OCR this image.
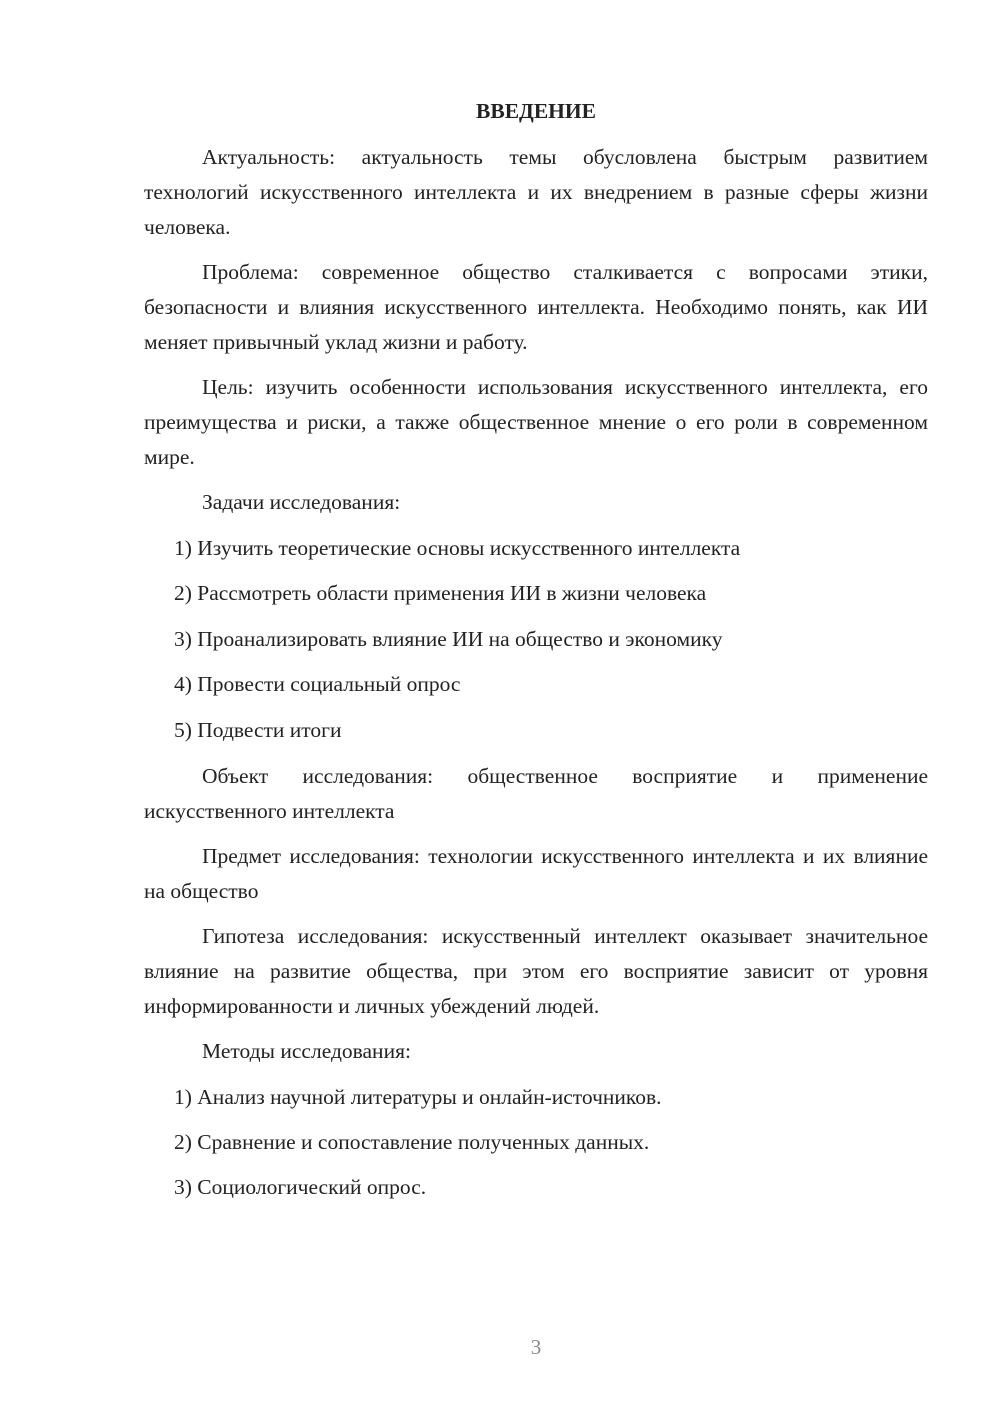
ВВЕДЕНИЕ

Актуальность: актуальность темы обусловлена быстрым развитием технологий искусственного интеллекта и их внедрением в разные сферы жизни человека.

Проблема: современное общество сталкивается с вопросами этики, безопасности и влияния искусственного интеллекта. Необходимо понять, как ИИ меняет привычный уклад жизни и работу.

Цель: изучить особенности использования искусственного интеллекта, его преимущества и риски, а также общественное мнение о его роли в современном мире.

Задачи исследования:
1) Изучить теоретические основы искусственного интеллекта
2) Рассмотреть области применения ИИ в жизни человека
3) Проанализировать влияние ИИ на общество и экономику
4) Провести социальный опрос
5) Подвести итоги

Объект исследования: общественное восприятие и применение искусственного интеллекта

Предмет исследования: технологии искусственного интеллекта и их влияние на общество

Гипотеза исследования: искусственный интеллект оказывает значительное влияние на развитие общества, при этом его восприятие зависит от уровня информированности и личных убеждений людей.

Методы исследования:
1) Анализ научной литературы и онлайн-источников.
2) Сравнение и сопоставление полученных данных.
3) Социологический опрос.
3
